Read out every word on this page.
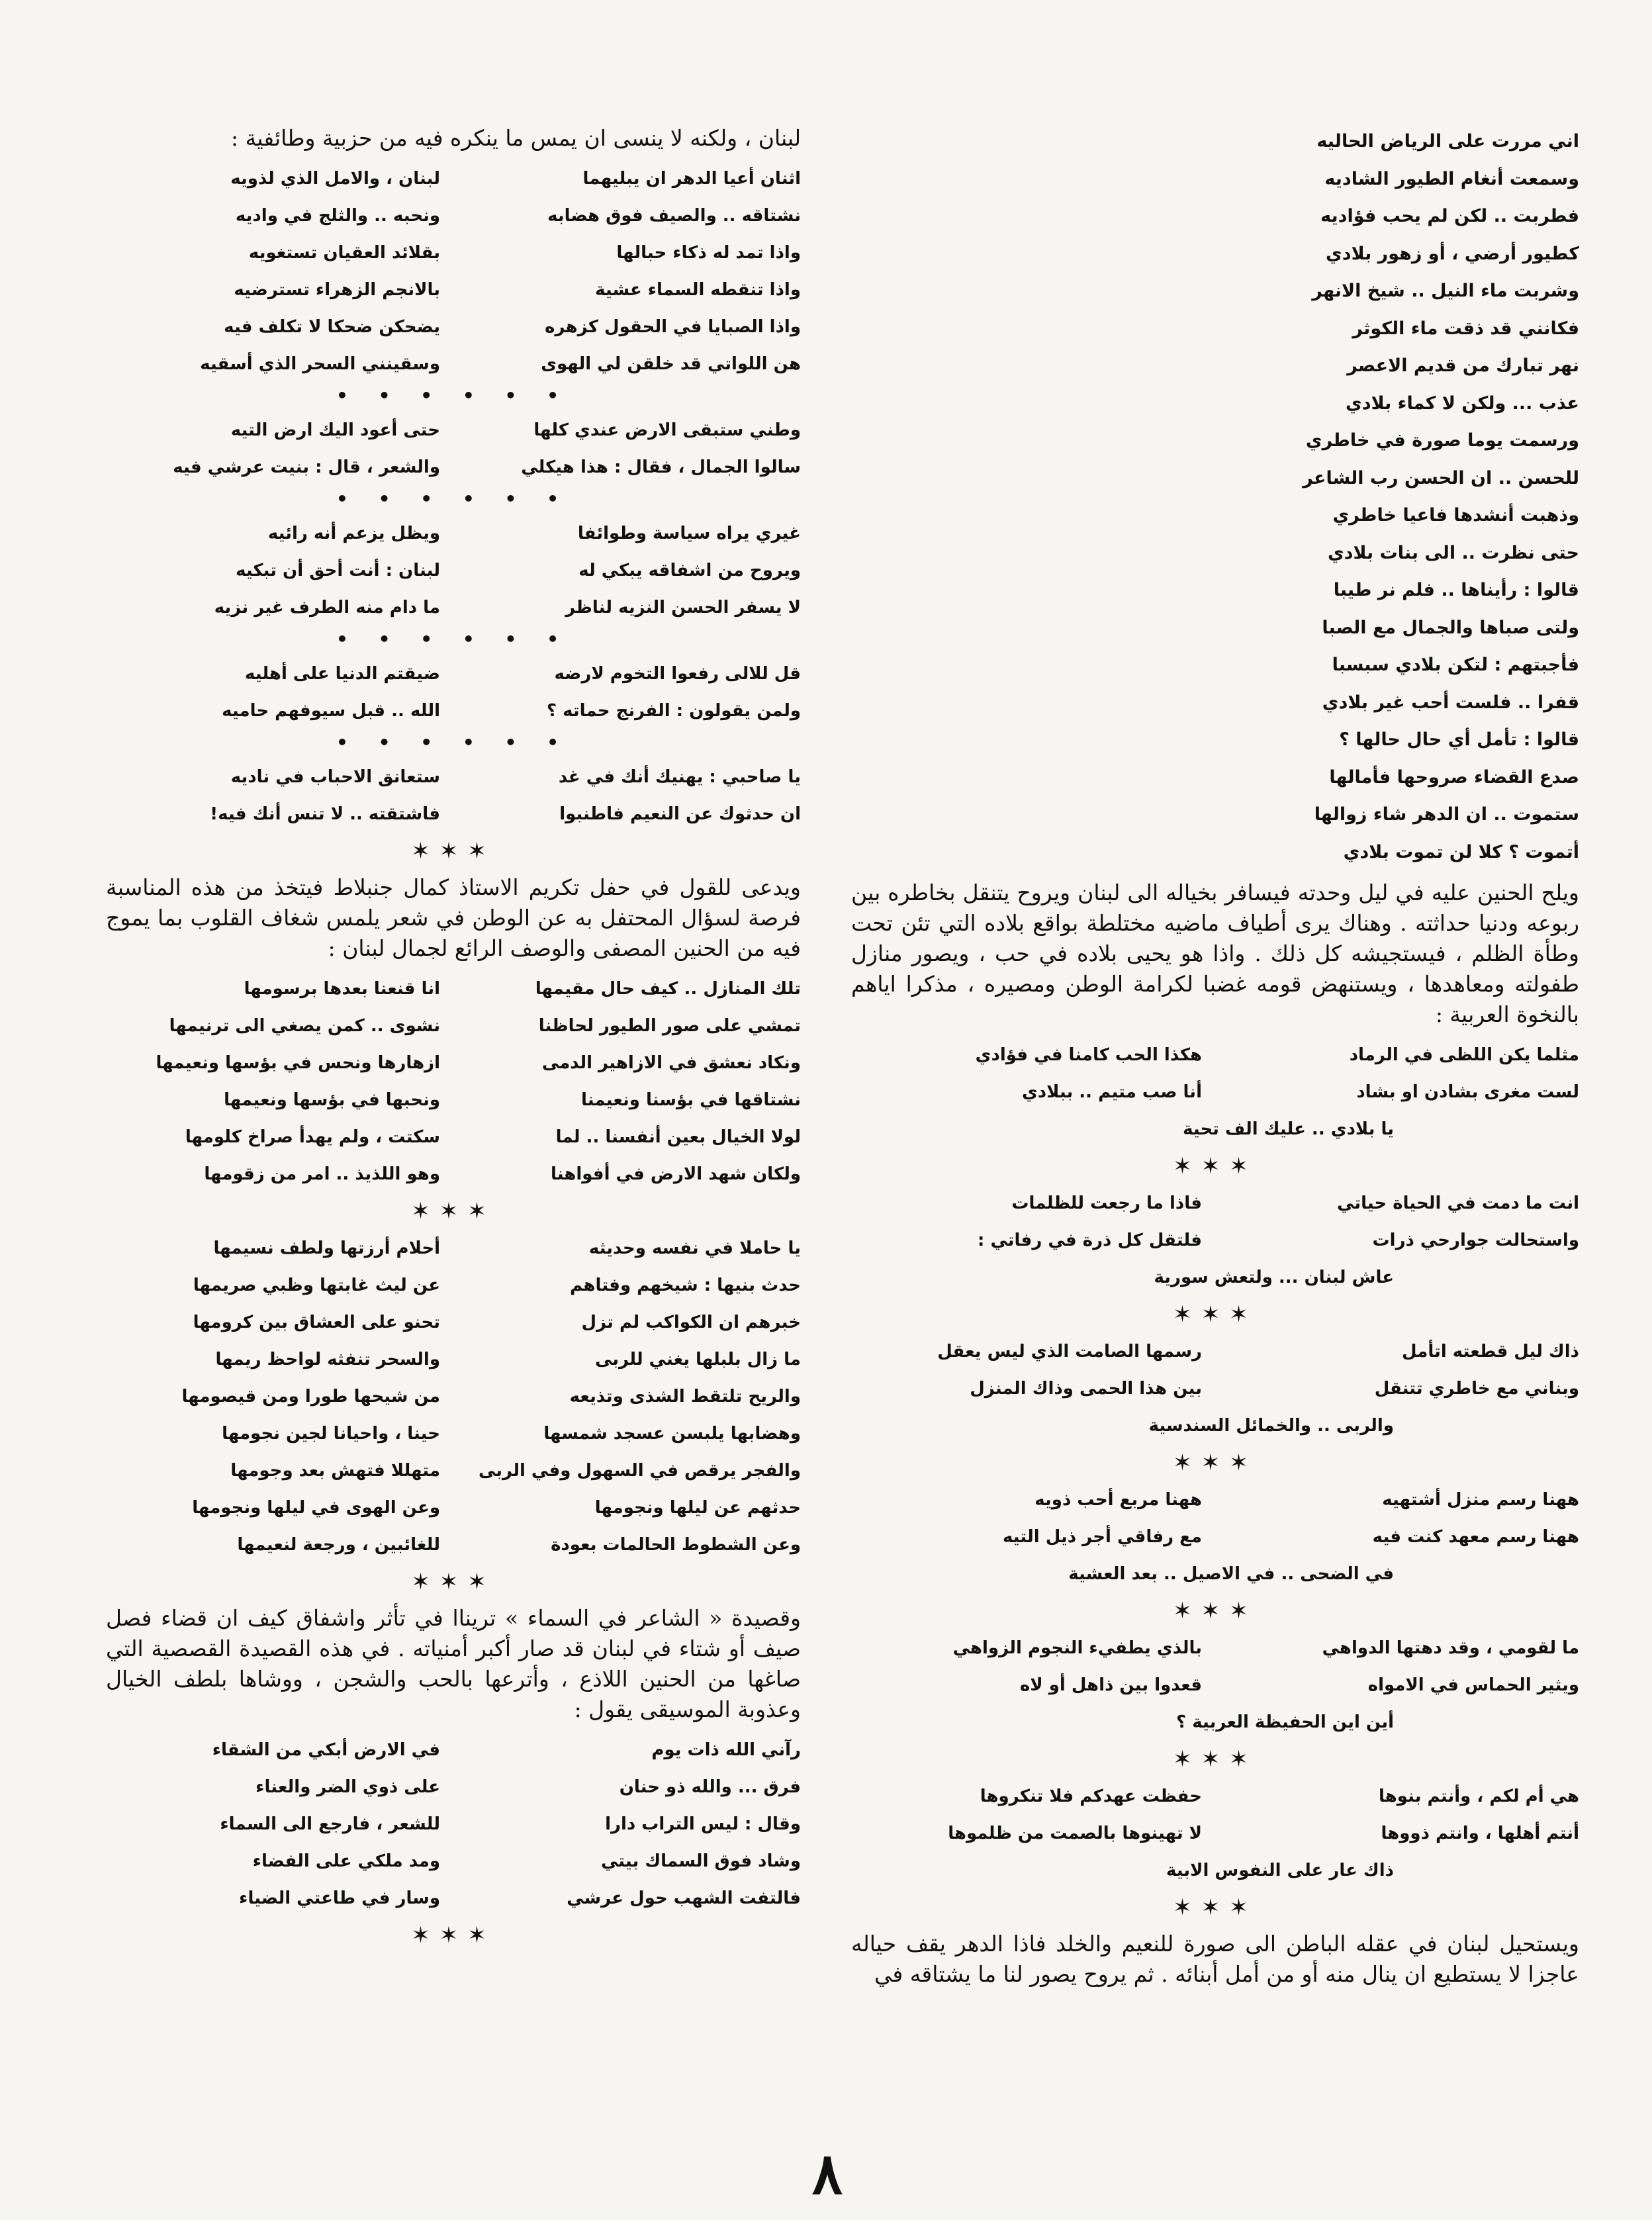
اني مررت على الرياض الحاليه
وسمعت أنغام الطيور الشاديه
فطربت .. لكن لم يحب فؤاديه
كطيور أرضي ، أو زهور بلادي
وشربت ماء النيل .. شيخ الانهر
فكانني قد ذقت ماء الكوثر
نهر تبارك من قديم الاعصر
عذب ... ولكن لا كماء بلادي
ورسمت يوما صورة في خاطري
للحسن .. ان الحسن رب الشاعر
وذهبت أنشدها فاعيا خاطري
حتى نظرت .. الى بنات بلادي
قالوا : رأيناها .. فلم نر طيبا
ولتى صباها والجمال مع الصبا
فأجبتهم : لتكن بلادي سبسبا
قفرا .. فلست أحب غير بلادي
قالوا : تأمل أي حال حالها ؟
صدع القضاء صروحها فأمالها
ستموت .. ان الدهر شاء زوالها
أتموت ؟ كلا لن تموت بلادي

ويلح الحنين عليه في ليل وحدته فيسافر بخياله الى لبنان ويروح يتنقل بخاطره بين ربوعه ودنيا حداثته . وهناك يرى أطياف ماضيه مختلطة بواقع بلاده التي تئن تحت وطأة الظلم ، فيستجيشه كل ذلك . واذا هو يحيى بلاده في حب ، ويصور منازل طفولته ومعاهدها ، ويستنهض قومه غضبا لكرامة الوطن ومصيره ، مذكرا اياهم بالنخوة العربية :

مثلما يكن اللظى في الرماد
هكذا الحب كامنا في فؤادي
لست مغرى بشادن او بشاد
أنا صب متيم .. ببلادي
يا بلادي .. عليك الف تحية
✶✶✶
انت ما دمت في الحياة حياتي
فاذا ما رجعت للظلمات
واستحالت جوارحي ذرات
فلتقل كل ذرة في رفاتي :
عاش لبنان ... ولتعش سورية
✶✶✶
ذاك ليل قطعته اتأمل
رسمها الصامت الذي ليس يعقل
وبناني مع خاطري تتنقل
بين هذا الحمى وذاك المنزل
والربى .. والخمائل السندسية
✶✶✶
ههنا رسم منزل أشتهيه
ههنا مربع أحب ذويه
ههنا رسم معهد كنت فيه
مع رفاقي أجر ذيل التيه
في الضحى .. في الاصيل .. بعد العشية
✶✶✶
ما لقومي ، وقد دهتها الدواهي
بالذي يطفيء النجوم الزواهي
ويثير الحماس في الامواه
قعدوا بين ذاهل أو لاه
أين اين الحفيظة العربية ؟
✶✶✶
هي أم لكم ، وأنتم بنوها
حفظت عهدكم فلا تنكروها
أنتم أهلها ، وانتم ذووها
لا تهينوها بالصمت من ظلموها
ذاك عار على النفوس الابية
✶✶✶

ويستحيل لبنان في عقله الباطن الى صورة للنعيم والخلد فاذا الدهر يقف حياله عاجزا لا يستطيع ان ينال منه أو من أمل أبنائه . ثم يروح يصور لنا ما يشتاقه في

لبنان ، ولكنه لا ينسى ان يمس ما ينكره فيه من حزبية وطائفية :

اثنان أعيا الدهر ان يبليهما
لبنان ، والامل الذي لذويه
نشتاقه .. والصيف فوق هضابه
ونحبه .. والثلج في واديه
واذا تمد له ذكاء حبالها
بقلائد العقيان تستغويه
واذا تنقطه السماء عشية
بالانجم الزهراء تسترضيه
واذا الصبايا في الحقول كزهره
يضحكن ضحكا لا تكلف فيه
هن اللواتي قد خلقن لي الهوى
وسقينني السحر الذي أسقيه
• • • • • •
وطني ستبقى الارض عندي كلها
حتى أعود اليك ارض التيه
سالوا الجمال ، فقال : هذا هيكلي
والشعر ، قال : بنيت عرشي فيه
• • • • • •
غيري يراه سياسة وطوائفا
ويظل يزعم أنه رائيه
ويروح من اشفاقه يبكي له
لبنان : أنت أحق أن تبكيه
لا يسفر الحسن النزيه لناظر
ما دام منه الطرف غير نزيه
• • • • • •
قل للالى رفعوا التخوم لارضه
ضيقتم الدنيا على أهليه
ولمن يقولون : الفرنج حماته ؟
الله .. قبل سيوفهم حاميه
• • • • • •
يا صاحبي : يهنيك أنك في غد
ستعانق الاحباب في ناديه
ان حدثوك عن النعيم فاطنبوا
فاشتقته .. لا تنس أنك فيه!
✶✶✶

ويدعى للقول في حفل تكريم الاستاذ كمال جنبلاط فيتخذ من هذه المناسبة فرصة لسؤال المحتفل به عن الوطن في شعر يلمس شغاف القلوب بما يموج فيه من الحنين المصفى والوصف الرائع لجمال لبنان :

تلك المنازل .. كيف حال مقيمها
انا قنعنا بعدها برسومها
تمشي على صور الطيور لحاظنا
نشوى .. كمن يصغي الى ترنيمها
ونكاد نعشق في الازاهير الدمى
ازهارها ونحس في بؤسها ونعيمها
نشتاقها في بؤسنا ونعيمنا
ونحبها في بؤسها ونعيمها
لولا الخيال بعين أنفسنا .. لما
سكتت ، ولم يهدأ صراخ كلومها
ولكان شهد الارض في أفواهنا
وهو اللذيذ .. امر من زقومها
✶✶✶
يا حاملا في نفسه وحديثه
أحلام أرزتها ولطف نسيمها
حدث بنيها : شيخهم وفتاهم
عن ليث غابتها وظبي صريمها
خبرهم ان الكواكب لم تزل
تحنو على العشاق بين كرومها
ما زال بلبلها يغني للربى
والسحر تنفثه لواحظ ريمها
والريح تلتقط الشذى وتذيعه
من شيحها طورا ومن قيصومها
وهضابها يلبسن عسجد شمسها
حينا ، واحيانا لجين نجومها
والفجر يرقص في السهول وفي الربى
متهللا فتهش بعد وجومها
حدثهم عن ليلها ونجومها
وعن الهوى في ليلها ونجومها
وعن الشطوط الحالمات بعودة
للغائبين ، ورجعة لنعيمها
✶✶✶

وقصيدة « الشاعر في السماء » تريناا في تأثر واشفاق كيف ان قضاء فصل صيف أو شتاء في لبنان قد صار أكبر أمنياته . في هذه القصيدة القصصية التي صاغها من الحنين اللاذع ، وأترعها بالحب والشجن ، ووشاها بلطف الخيال وعذوبة الموسيقى يقول :

رآني الله ذات يوم
في الارض أبكي من الشقاء
فرق ... والله ذو حنان
على ذوي الضر والعناء
وقال : ليس التراب دارا
للشعر ، فارجع الى السماء
وشاد فوق السماك بيتي
ومد ملكي على الفضاء
فالتفت الشهب حول عرشي
وسار في طاعتي الضياء
✶✶✶
٨
